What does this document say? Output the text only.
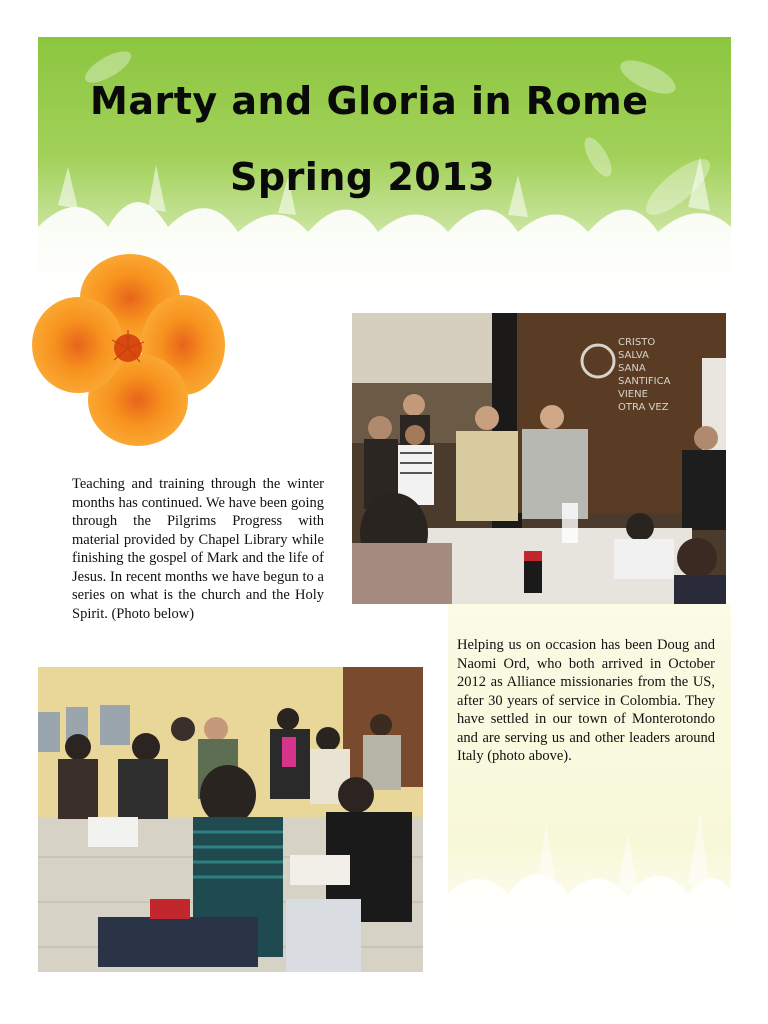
Marty and Gloria in Rome
Spring 2013

Teaching and training through the winter months has continued. We have been going through the Pilgrims Progress with material provided by Chapel Library while finishing the gospel of Mark and the life of Jesus. In recent months we have begun to a series on what is the church and the Holy Spirit. (Photo below)

CRISTO
SALVA
SANA
SANTIFICA
VIENE
OTRA VEZ

Helping us on occasion has been Doug and Naomi Ord, who both arrived in October 2012 as Alliance missionaries from the US, after 30 years of service in Colombia. They have settled in our town of Monterotondo and are serving us and other leaders around Italy (photo above).
